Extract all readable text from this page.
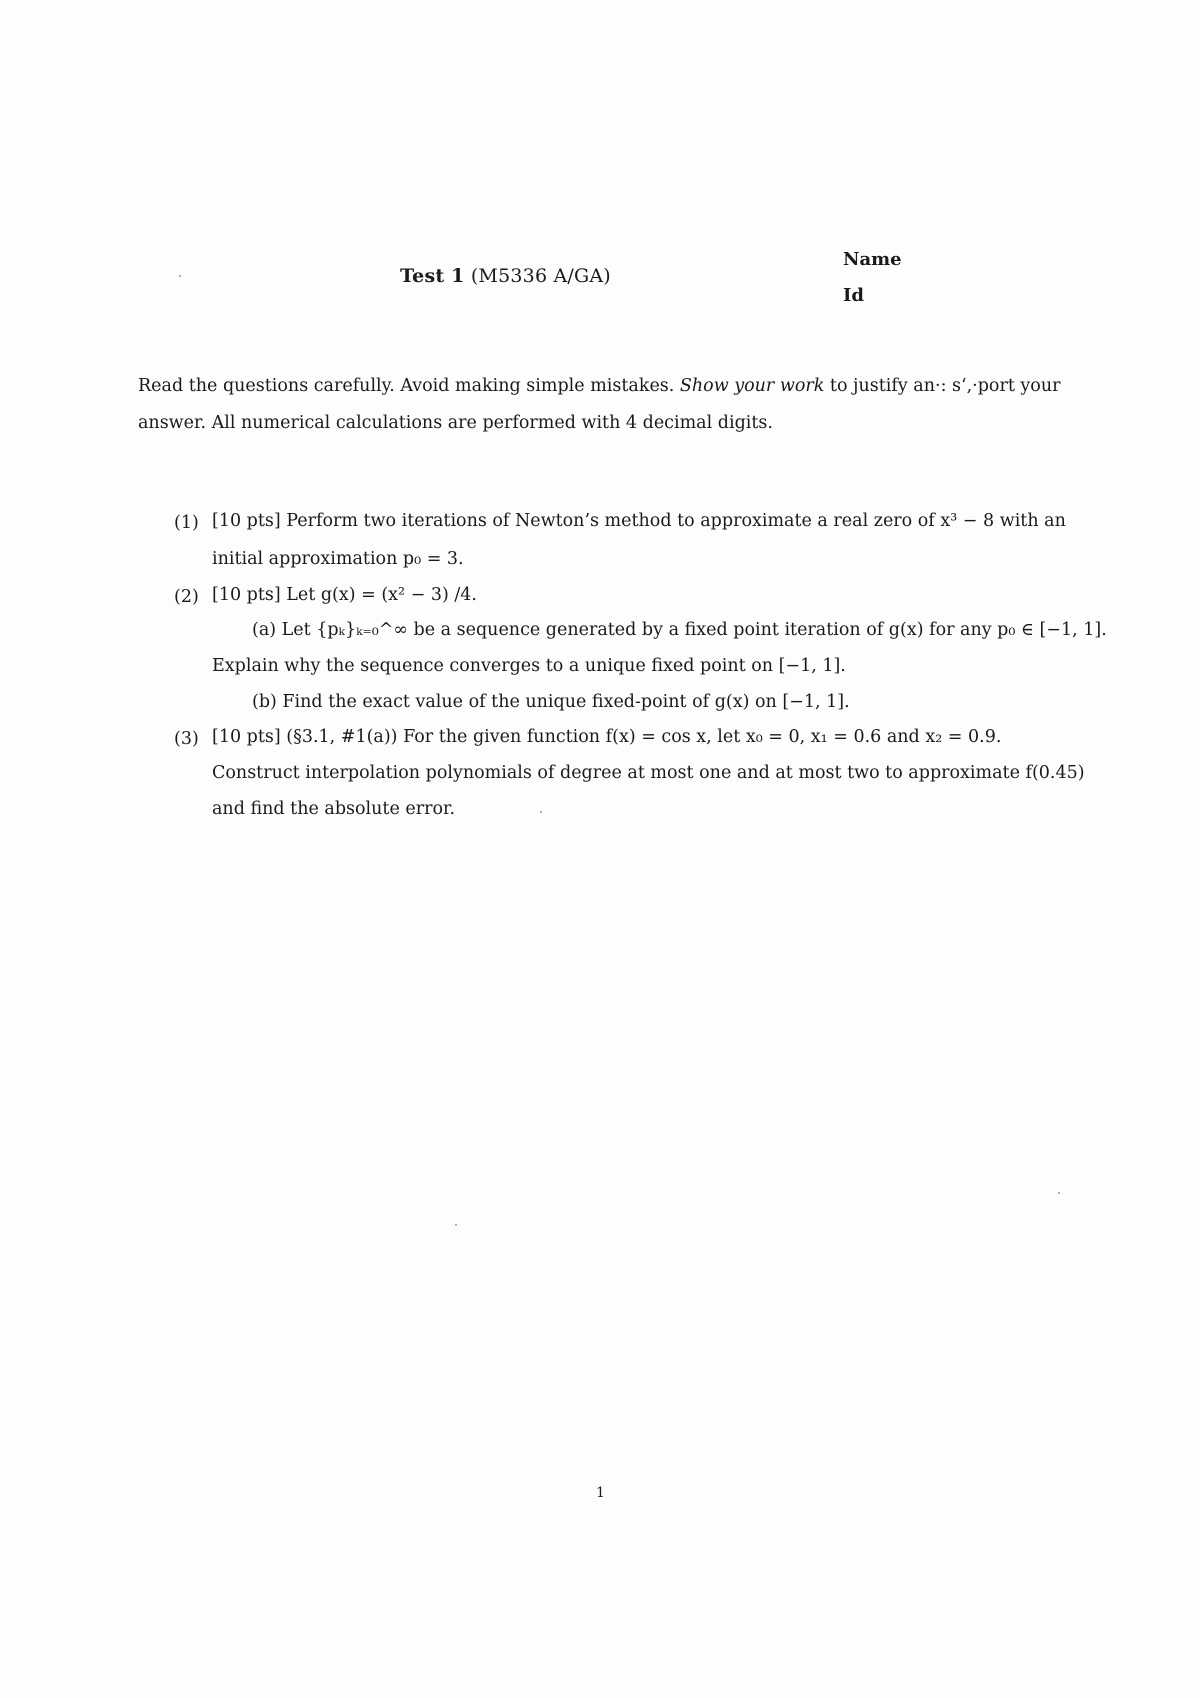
Test 1 (M5336 A/GA)
Name
Id
Read the questions carefully. Avoid making simple mistakes. Show your work to justify an·: sʻ,·port your
answer. All numerical calculations are performed with 4 decimal digits.
(1) [10 pts] Perform two iterations of Newton’s method to approximate a real zero of x³ − 8 with an
initial approximation p₀ = 3.
(2) [10 pts] Let g(x) = (x² − 3) /4.
(a) Let {pₖ}ₖ₌₀^∞ be a sequence generated by a fixed point iteration of g(x) for any p₀ ∈ [−1, 1].
Explain why the sequence converges to a unique fixed point on [−1, 1].
(b) Find the exact value of the unique fixed-point of g(x) on [−1, 1].
(3) [10 pts] (§3.1, #1(a)) For the given function f(x) = cos x, let x₀ = 0, x₁ = 0.6 and x₂ = 0.9.
Construct interpolation polynomials of degree at most one and at most two to approximate f(0.45)
and find the absolute error.
1
